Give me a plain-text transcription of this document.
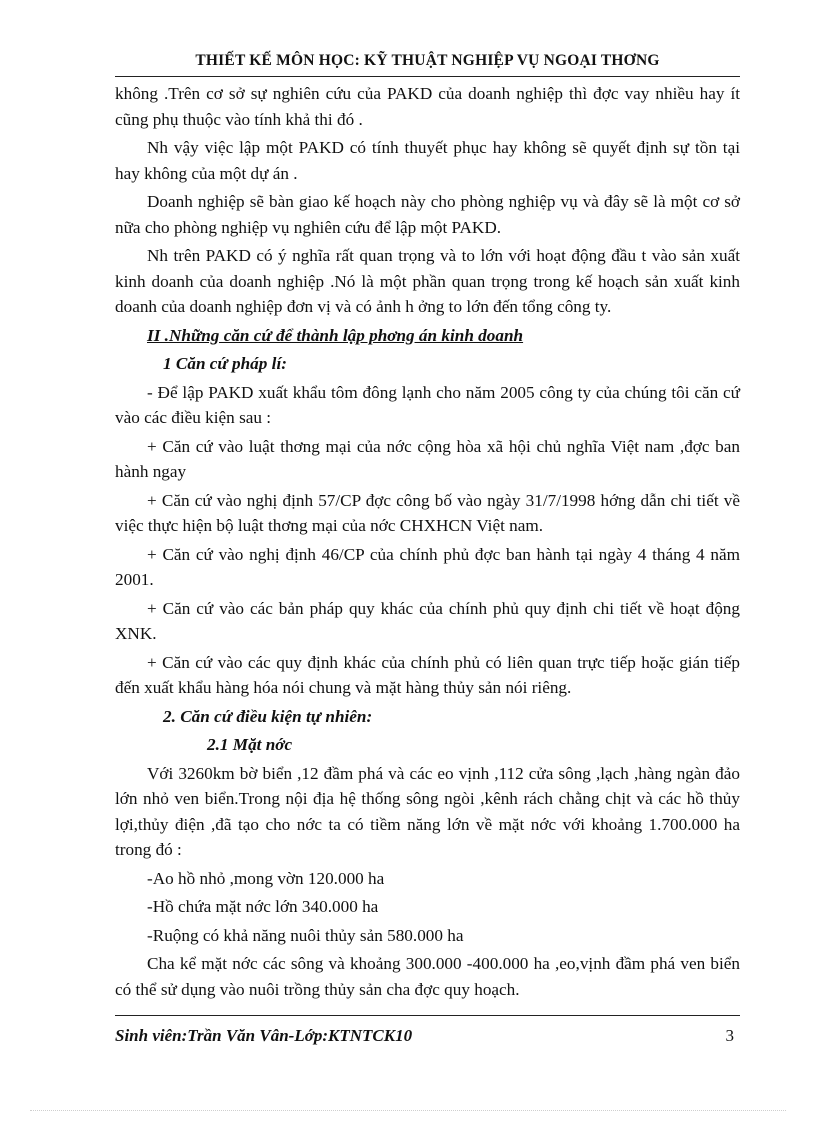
THIẾT KẾ MÔN HỌC: KỸ THUẬT NGHIỆP VỤ NGOẠI THƠNG

không .Trên cơ sở sự nghiên cứu của PAKD của doanh nghiệp thì đợc vay nhiều hay ít cũng phụ thuộc vào tính khả thi đó .

Nh vậy việc lập một PAKD có tính thuyết phục hay không sẽ quyết định sự tồn tại hay không của một dự án .

Doanh nghiệp sẽ bàn giao kế hoạch này cho phòng nghiệp vụ và đây sẽ là một cơ sở nữa cho phòng nghiệp vụ nghiên cứu để lập một PAKD.

Nh trên PAKD có ý nghĩa rất quan trọng và to lớn với hoạt động đầu t vào sản xuất kinh doanh của doanh nghiệp .Nó là một phần quan trọng trong kế hoạch sản xuất kinh doanh của doanh nghiệp đơn vị và có ảnh h ởng to lớn đến tổng công ty.

II .Những căn cứ để thành lập phơng án kinh doanh

1 Căn cứ pháp lí:

- Để lập PAKD xuất khẩu tôm đông lạnh cho năm 2005 công ty của chúng tôi căn cứ vào các điều kiện sau :

+ Căn cứ vào luật thơng mại của nớc cộng hòa xã hội chủ nghĩa Việt nam ,đợc ban hành ngay

+ Căn cứ vào nghị định 57/CP đợc công bố vào ngày 31/7/1998 hớng dẫn chi tiết về việc thực hiện bộ luật thơng mại của nớc CHXHCN Việt nam.

+ Căn cứ vào nghị định 46/CP của chính phủ đợc ban hành tại ngày 4 tháng 4 năm 2001.

+ Căn cứ vào các bản pháp quy khác của chính phủ quy định chi tiết về hoạt động XNK.

+ Căn cứ vào các quy định khác của chính phủ có liên quan trực tiếp hoặc gián tiếp đến xuất khẩu hàng hóa nói chung và mặt hàng thủy sản nói riêng.

2. Căn cứ điều kiện tự nhiên:

2.1 Mặt nớc

Với 3260km bờ biển ,12 đầm phá và các eo vịnh ,112 cửa sông ,lạch ,hàng ngàn đảo lớn nhỏ ven biển.Trong nội địa hệ thống sông ngòi ,kênh rách chằng chịt và các hồ thủy lợi,thủy điện ,đã tạo cho nớc ta có tiềm năng lớn về mặt nớc với khoảng 1.700.000 ha trong đó :

-Ao hồ nhỏ ,mong vờn 120.000 ha

-Hồ chứa mặt nớc lớn 340.000 ha

-Ruộng có khả năng nuôi thủy sản 580.000 ha

Cha kể mặt nớc các sông và khoảng 300.000 -400.000 ha ,eo,vịnh đầm phá ven biển có thể sử dụng vào nuôi trồng thủy sản cha đợc quy hoạch.

Sinh viên:Trần Văn Vân-Lớp:KTNTCK10	3
